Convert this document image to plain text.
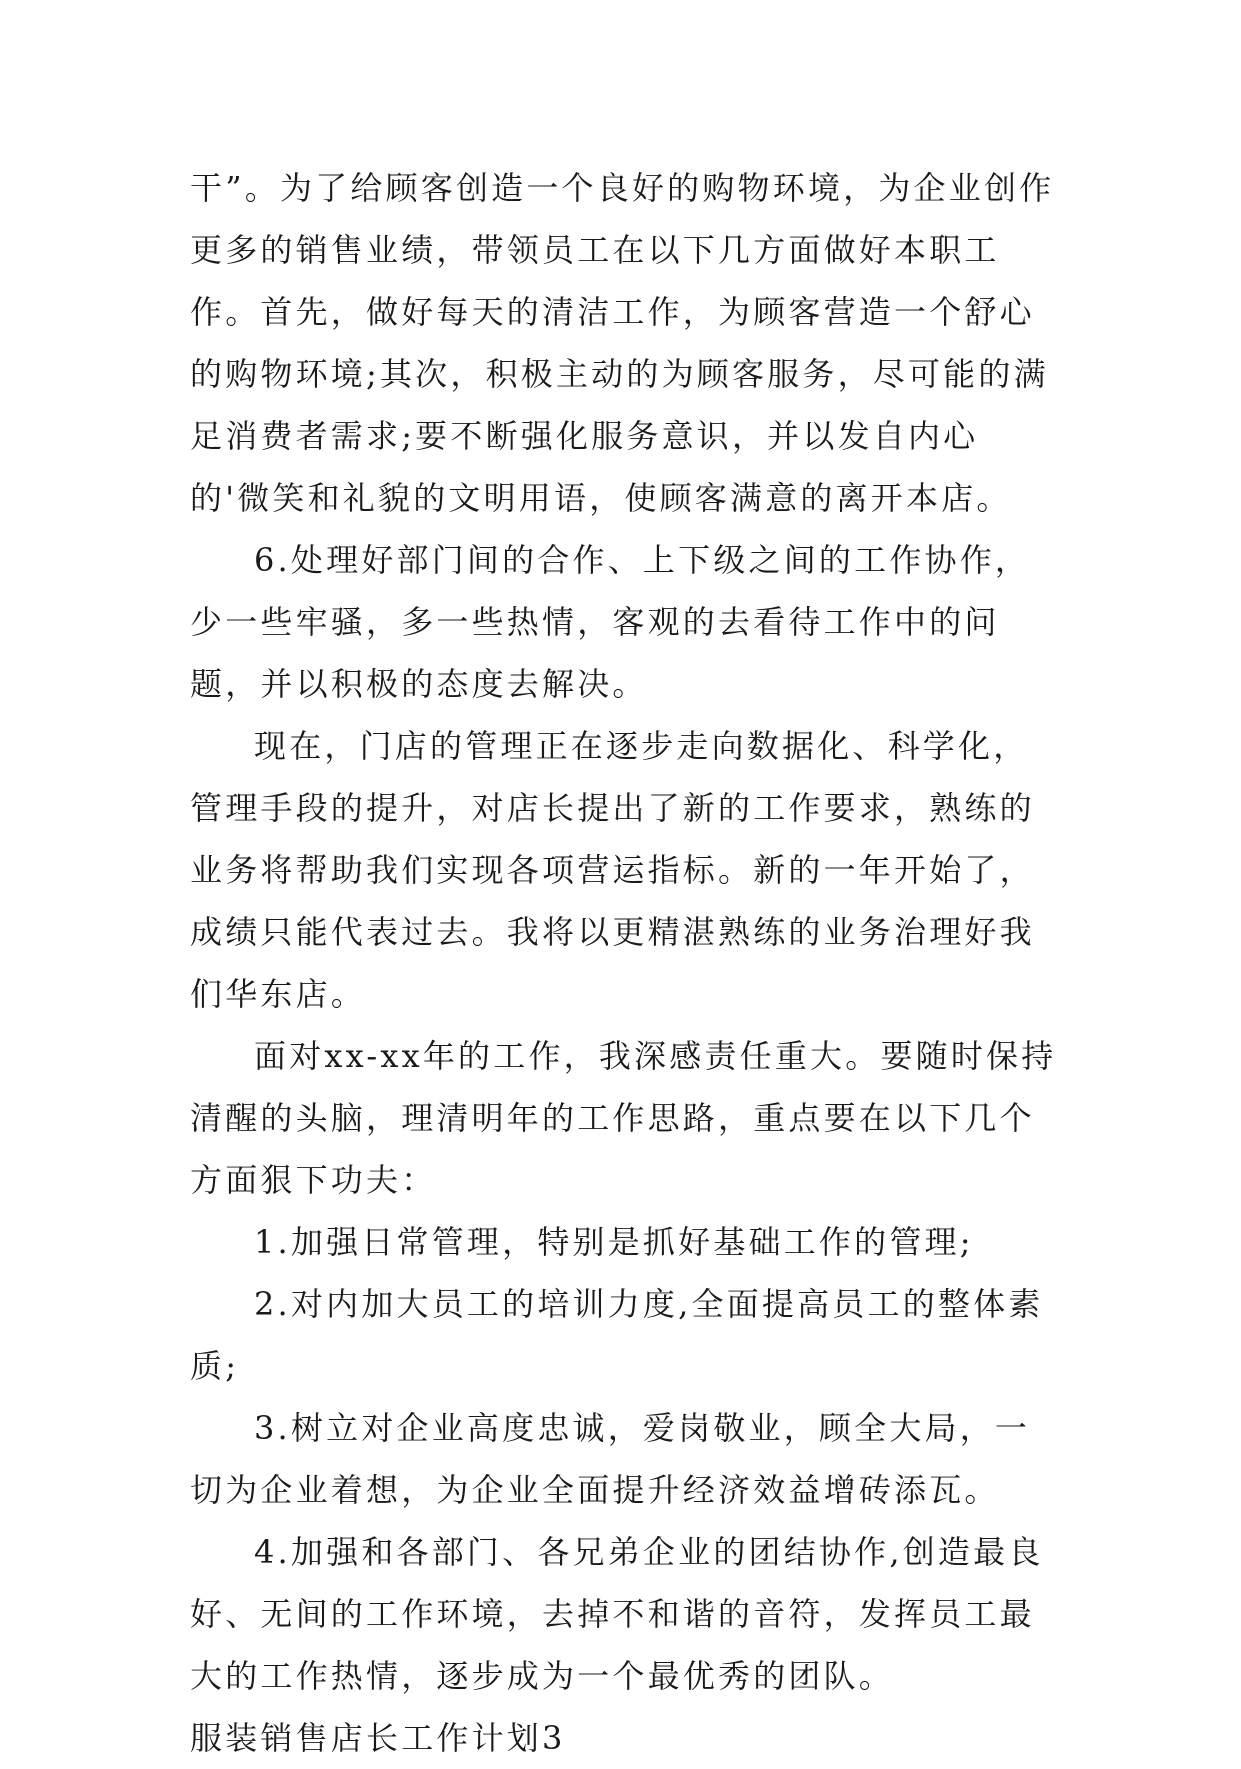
干”。为了给顾客创造一个良好的购物环境，为企业创作更多的销售业绩，带领员工在以下几方面做好本职工作。首先，做好每天的清洁工作，为顾客营造一个舒心的购物环境;其次，积极主动的为顾客服务，尽可能的满足消费者需求;要不断强化服务意识，并以发自内心的'微笑和礼貌的文明用语，使顾客满意的离开本店。

6.处理好部门间的合作、上下级之间的工作协作，少一些牢骚，多一些热情，客观的去看待工作中的问题，并以积极的态度去解决。

现在，门店的管理正在逐步走向数据化、科学化，管理手段的提升，对店长提出了新的工作要求，熟练的业务将帮助我们实现各项营运指标。新的一年开始了，成绩只能代表过去。我将以更精湛熟练的业务治理好我们华东店。

面对xx-xx年的工作，我深感责任重大。要随时保持清醒的头脑，理清明年的工作思路，重点要在以下几个方面狠下功夫：

1.加强日常管理，特别是抓好基础工作的管理;

2.对内加大员工的培训力度,全面提高员工的整体素质;

3.树立对企业高度忠诚，爱岗敬业，顾全大局，一切为企业着想，为企业全面提升经济效益增砖添瓦。

4.加强和各部门、各兄弟企业的团结协作,创造最良好、无间的工作环境，去掉不和谐的音符，发挥员工最大的工作热情，逐步成为一个最优秀的团队。

服装销售店长工作计划3
